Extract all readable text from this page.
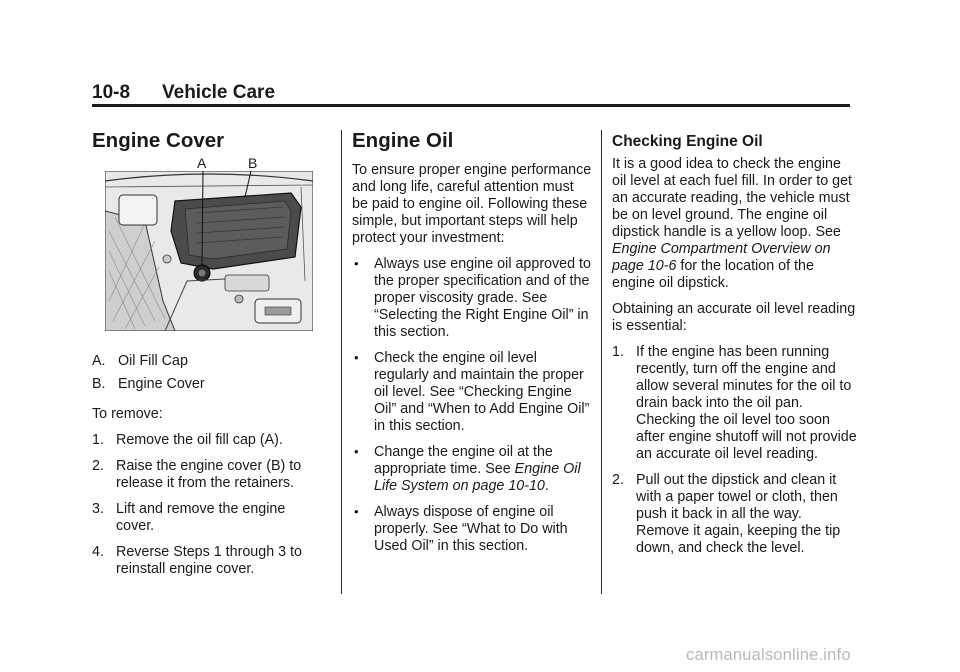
10-8 Vehicle Care
Engine Cover
A	B
A. Oil Fill Cap
B. Engine Cover

To remove:

1. Remove the oil fill cap (A).
2. Raise the engine cover (B) to release it from the retainers.
3. Lift and remove the engine cover.
4. Reverse Steps 1 through 3 to reinstall engine cover.
Engine Oil

To ensure proper engine performance and long life, careful attention must be paid to engine oil. Following these simple, but important steps will help protect your investment:

• Always use engine oil approved to the proper specification and of the proper viscosity grade. See “Selecting the Right Engine Oil” in this section.
• Check the engine oil level regularly and maintain the proper oil level. See “Checking Engine Oil” and “When to Add Engine Oil” in this section.
• Change the engine oil at the appropriate time. See Engine Oil Life System on page 10-10.
• Always dispose of engine oil properly. See “What to Do with Used Oil” in this section.
Checking Engine Oil

It is a good idea to check the engine oil level at each fuel fill. In order to get an accurate reading, the vehicle must be on level ground. The engine oil dipstick handle is a yellow loop. See Engine Compartment Overview on page 10-6 for the location of the engine oil dipstick.

Obtaining an accurate oil level reading is essential:

1. If the engine has been running recently, turn off the engine and allow several minutes for the oil to drain back into the oil pan. Checking the oil level too soon after engine shutoff will not provide an accurate oil level reading.
2. Pull out the dipstick and clean it with a paper towel or cloth, then push it back in all the way. Remove it again, keeping the tip down, and check the level.
carmanualsonline.info
